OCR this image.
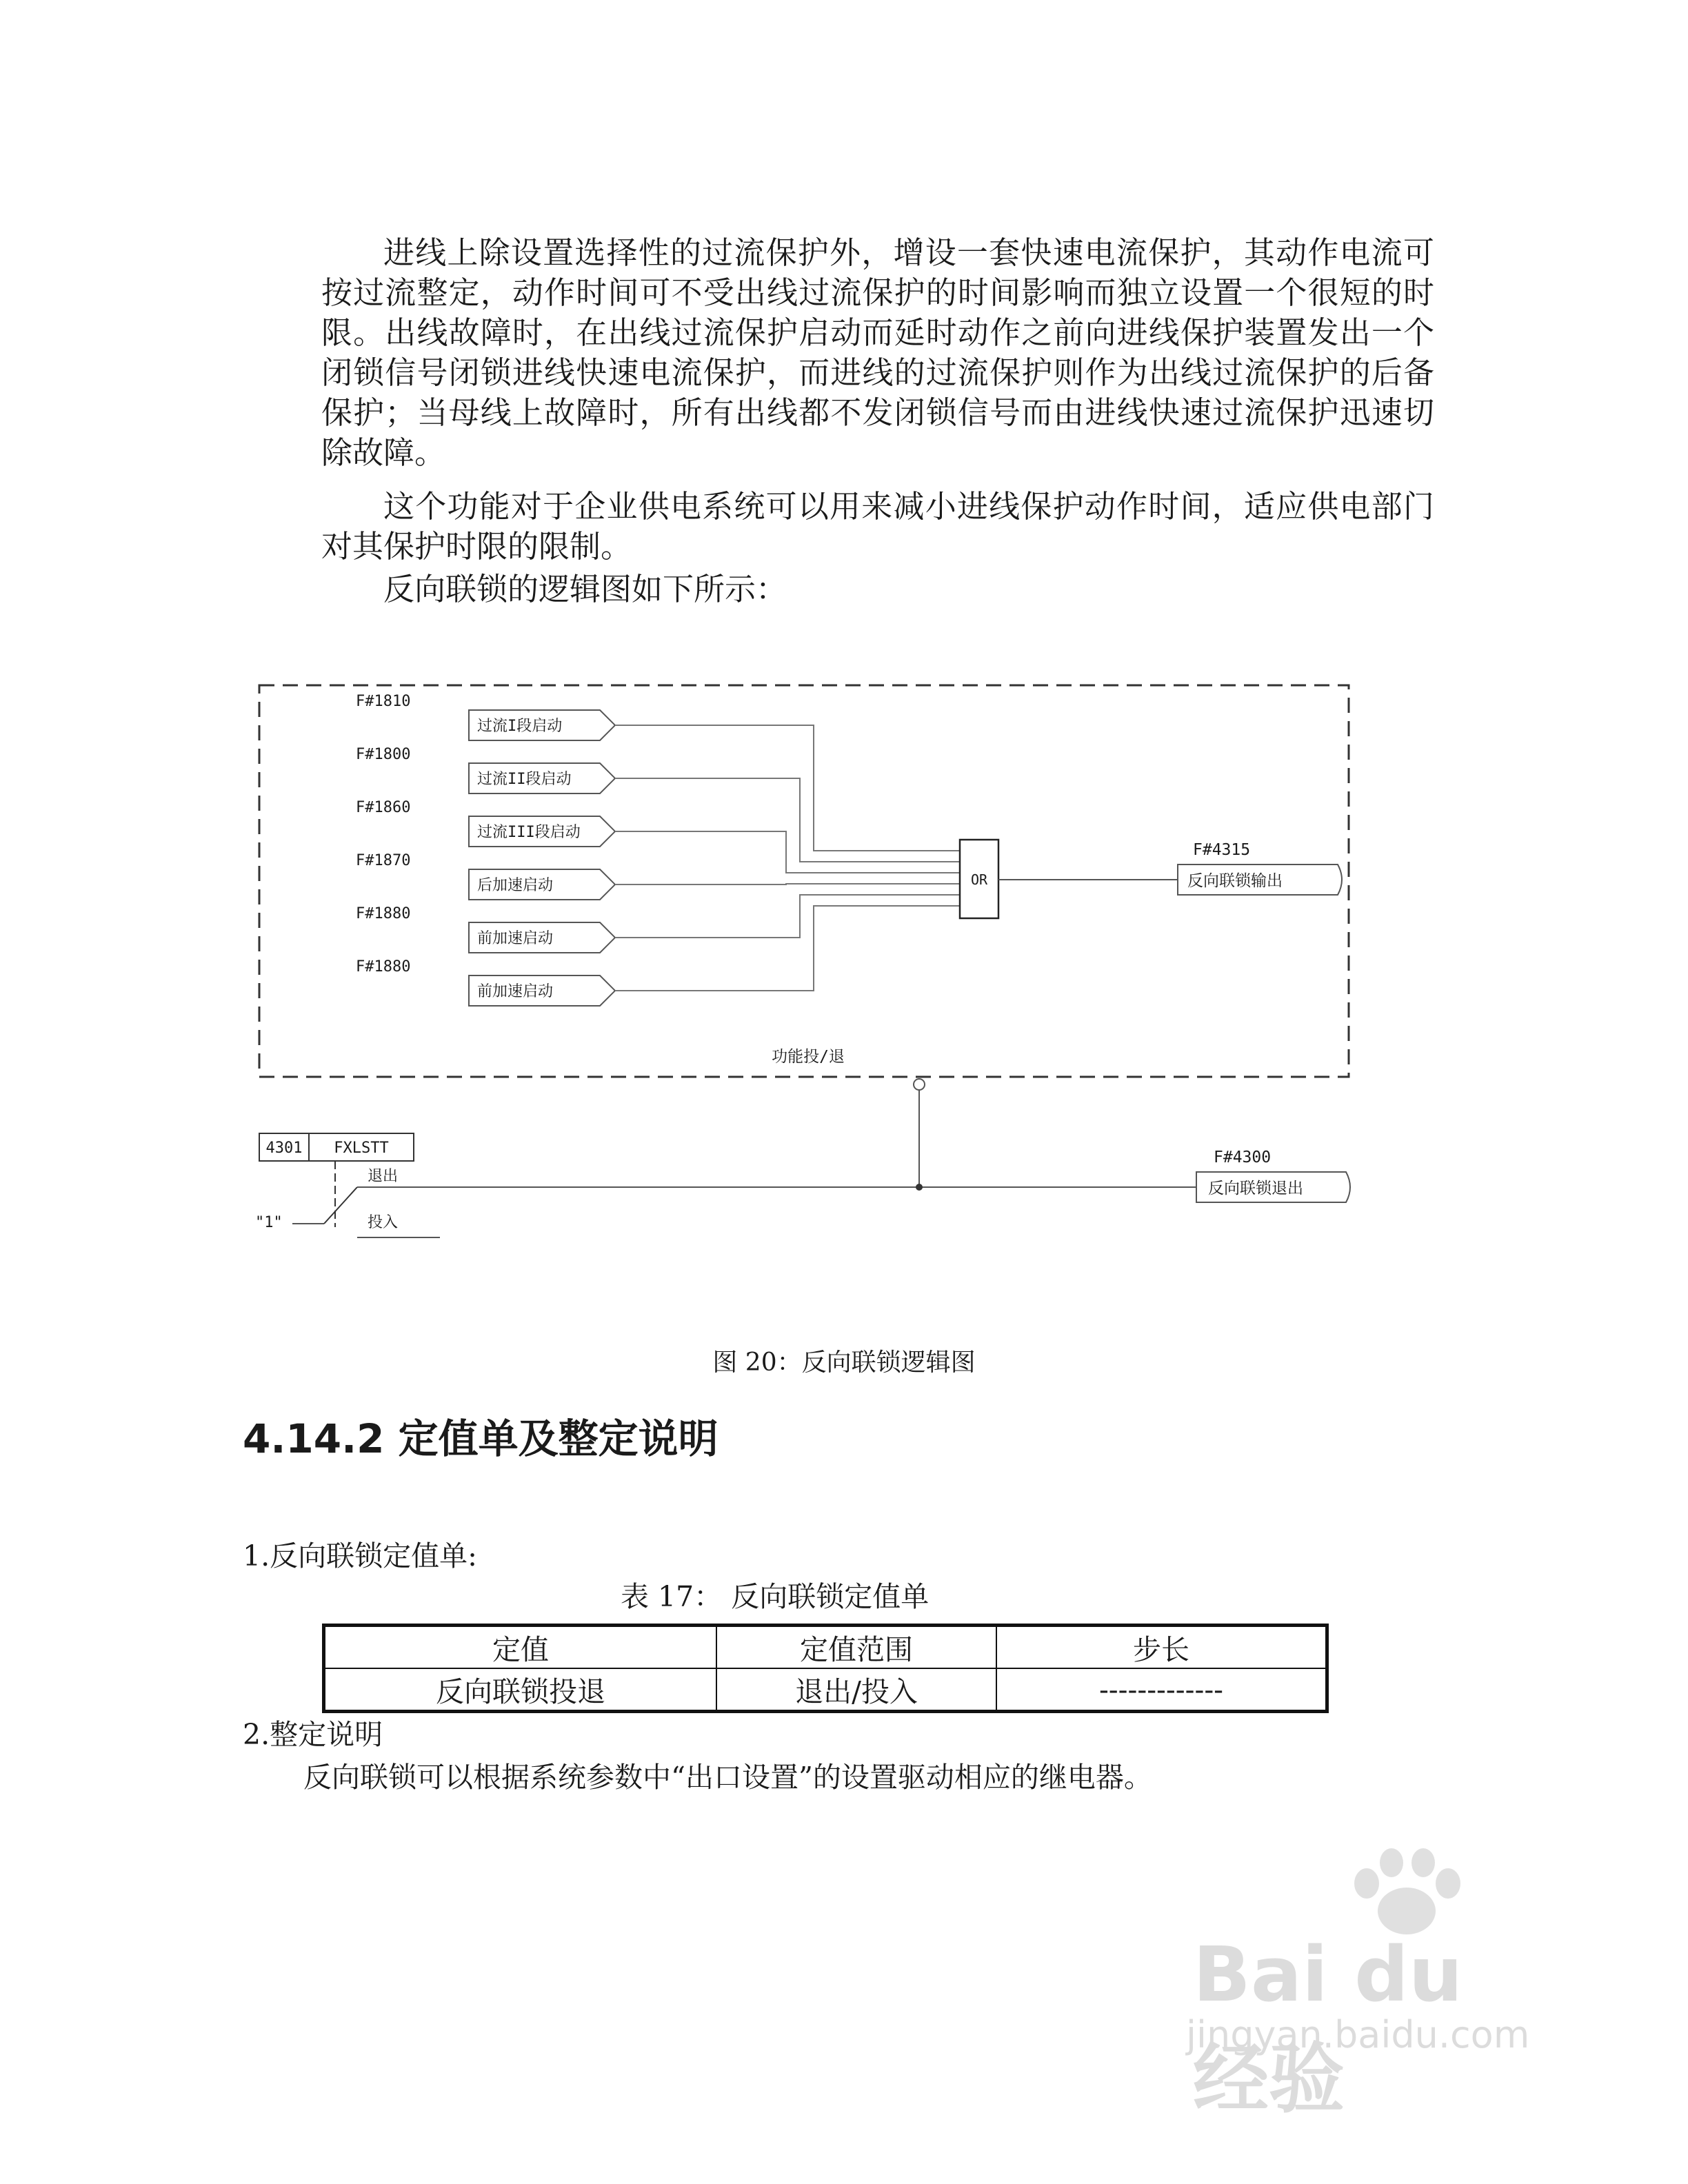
进线上除设置选择性的过流保护外，增设一套快速电流保护，其动作电流可按过流整定，动作时间可不受出线过流保护的时间影响而独立设置一个很短的时限。出线故障时，在出线过流保护启动而延时动作之前向进线保护装置发出一个闭锁信号闭锁进线快速电流保护，而进线的过流保护则作为出线过流保护的后备保护；当母线上故障时，所有出线都不发闭锁信号而由进线快速过流保护迅速切除故障。

这个功能对于企业供电系统可以用来减小进线保护动作时间，适应供电部门对其保护时限的限制。

反向联锁的逻辑图如下所示：

F#1810
过流I段启动
F#1800
过流II段启动
F#1860
过流III段启动
F#1870
后加速启动
F#1880
前加速启动
F#1880
前加速启动
OR
F#4315
反向联锁输出
功能投/退
4301 FXLSTT
退出
投入
"1"
F#4300
反向联锁退出
图 20：反向联锁逻辑图
4.14.2 定值单及整定说明
1.反向联锁定值单:
表 17： 反向联锁定值单
定值	定值范围	步长
反向联锁投退	退出/投入	-------------
2.整定说明
反向联锁可以根据系统参数中“出口设置”的设置驱动相应的继电器。
Bai du 经验
jingyan.baidu.com
